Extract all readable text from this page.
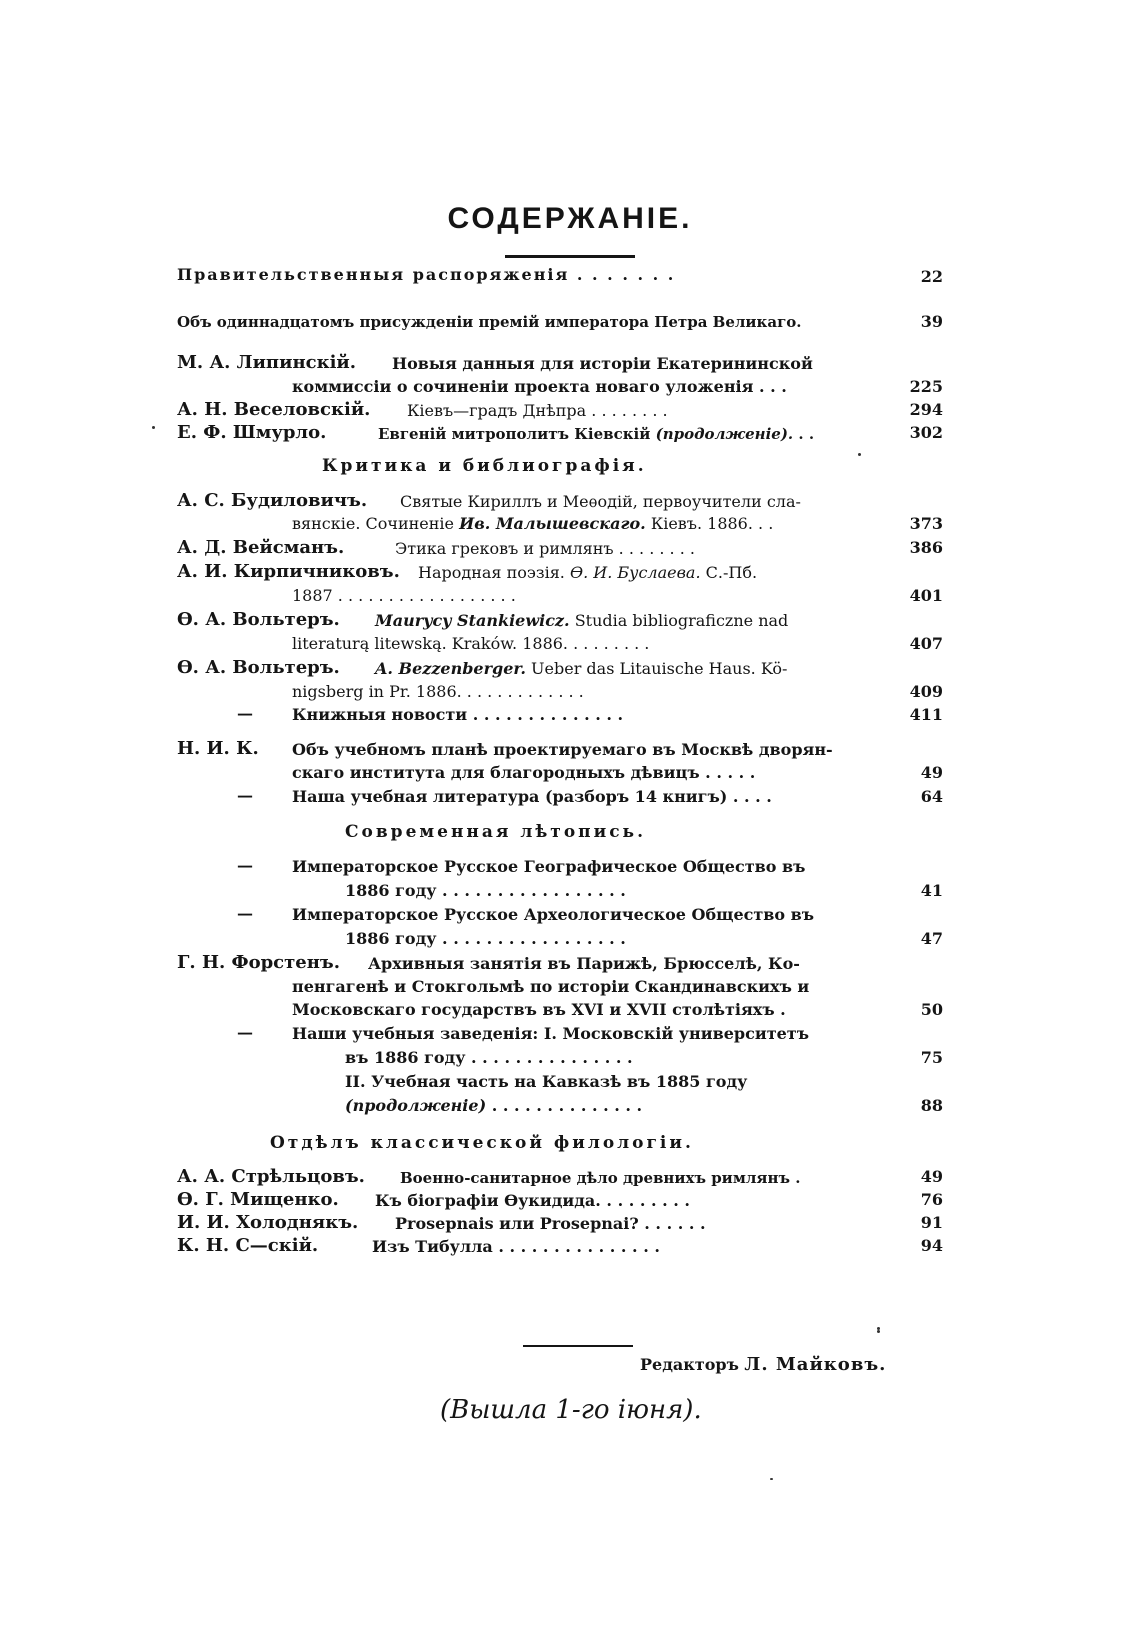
СОДЕРЖАНІЕ.
Правительственныя распоряженія . . . . . . .	22
Объ одиннадцатомъ присужденіи премій императора Петра Великаго.	39
М. А. Липинскій. Новыя данныя для исторіи Екатерининской
коммиссіи о сочиненіи проекта новаго уложенія . . .	225
А. Н. Веселовскій. Кіевъ—градъ Днѣпра . . . . . . . .	294
Е. Ф. Шмурло.	Евгеній митрополитъ Кіевскій (продолженіе). . .	302
Критика и библиографія.
А. С. Будиловичъ. Святые Кириллъ и Меѳодій, первоучители сла-
вянскіе. Сочиненіе Ив. Малышевскаго. Кіевъ. 1886. . .	373
А. Д. Вейсманъ.	Этика грековъ и римлянъ . . . . . . . .	386
А. И. Кирпичниковъ. Народная поэзія. Ѳ. И. Буслаева. С.-Пб.
1887 . . . . . . . . . . . . . . . . . .	401
Ѳ. А. Вольтеръ. Maurycy Stankiewicz. Studia bibliograficzne nad
literaturą litewską. Kraków. 1886. . . . . . . . .	407
Ѳ. А. Вольтеръ. A. Bezzenberger. Ueber das Litauische Haus. Kö-
nigsberg in Pr. 1886. . . . . . . . . . . . .	409
— Книжныя новости . . . . . . . . . . . . . .	411
Н. И. К. Объ учебномъ планѣ проектируемаго въ Москвѣ дворян-
скаго института для благородныхъ дѣвицъ . . . . .	49
— Наша учебная литература (разборъ 14 книгъ) . . . .	64
Современная лѣтопись.
— Императорское Русское Географическое Общество въ
1886 году . . . . . . . . . . . . . . . . .	41
— Императорское Русское Археологическое Общество въ
1886 году . . . . . . . . . . . . . . . . .	47
Г. Н. Форстенъ. Архивныя занятія въ Парижѣ, Брюсселѣ, Ко-
пенгагенѣ и Стокгольмѣ по исторіи Скандинавскихъ и
Московскаго государствъ въ XVI и XVII столѣтіяхъ .	50
— Наши учебныя заведенія: I. Московскій университетъ
въ 1886 году . . . . . . . . . . . . . . .	75
II. Учебная часть на Кавказѣ въ 1885 году
(продолженіе) . . . . . . . . . . . . . .	88
Отдѣлъ классической филологіи.
А. А. Стрѣльцовъ. Военно-санитарное дѣло древнихъ римлянъ .	49
Ѳ. Г. Мищенко. Къ біографіи Ѳукидида. . . . . . . . .	76
И. И. Холоднякъ. Prosepnais или Prosepnai? . . . . . .	91
К. Н. С—скій.	Изъ Тибулла . . . . . . . . . . . . . . .	94
Редакторъ Л. Майковъ.
(Вышла 1-го іюня).
